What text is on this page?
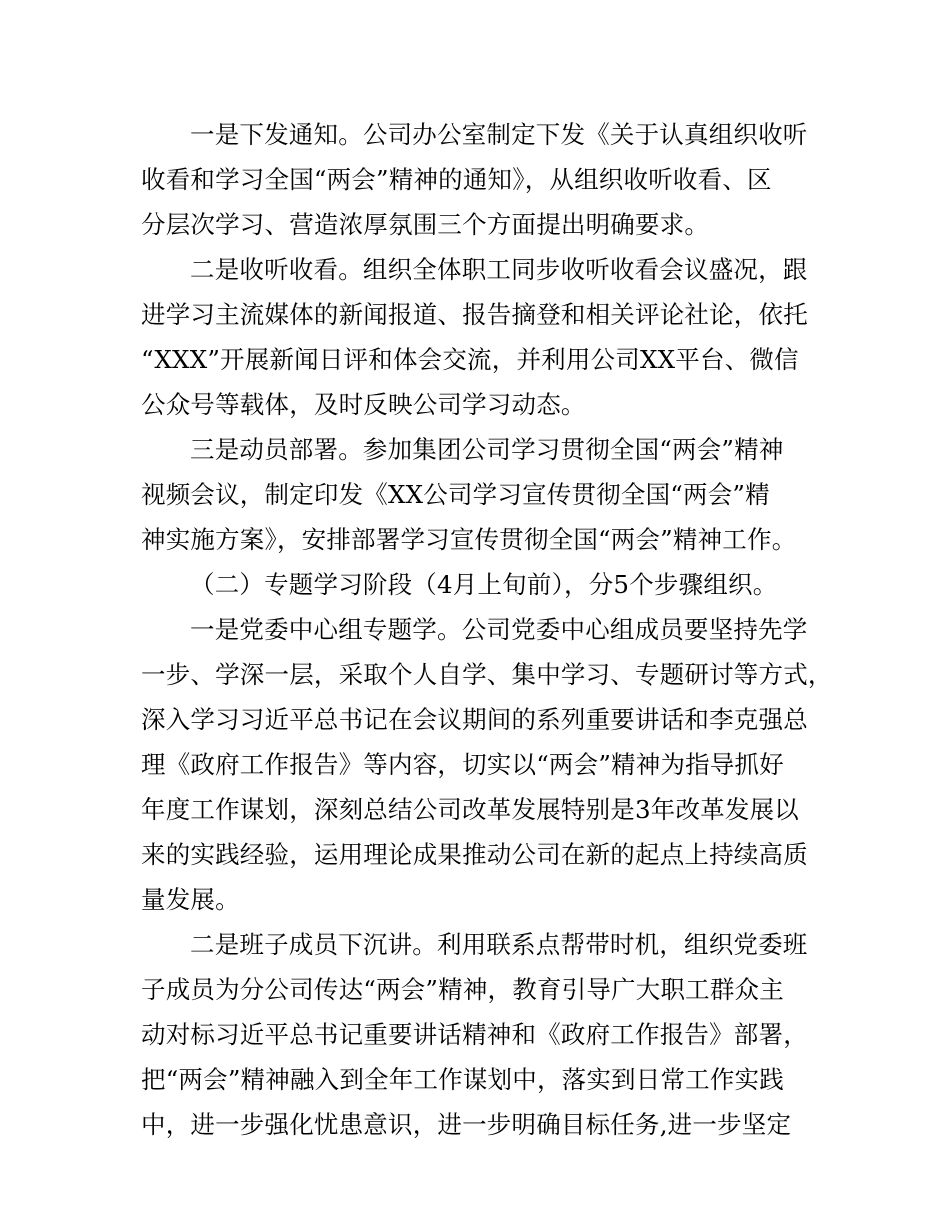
一是下发通知。公司办公室制定下发《关于认真组织收听
收看和学习全国“两会”精神的通知》，从组织收听收看、区
分层次学习、营造浓厚氛围三个方面提出明确要求。
二是收听收看。组织全体职工同步收听收看会议盛况，跟
进学习主流媒体的新闻报道、报告摘登和相关评论社论，依托
“XXX”开展新闻日评和体会交流，并利用公司XX平台、微信
公众号等载体，及时反映公司学习动态。
三是动员部署。参加集团公司学习贯彻全国“两会”精神
视频会议，制定印发《XX公司学习宣传贯彻全国“两会”精
神实施方案》，安排部署学习宣传贯彻全国“两会”精神工作。
（二）专题学习阶段（4月上旬前），分5个步骤组织。
一是党委中心组专题学。公司党委中心组成员要坚持先学
一步、学深一层，采取个人自学、集中学习、专题研讨等方式，
深入学习习近平总书记在会议期间的系列重要讲话和李克强总
理《政府工作报告》等内容，切实以“两会”精神为指导抓好
年度工作谋划，深刻总结公司改革发展特别是3年改革发展以
来的实践经验，运用理论成果推动公司在新的起点上持续高质
量发展。
二是班子成员下沉讲。利用联系点帮带时机，组织党委班
子成员为分公司传达“两会”精神，教育引导广大职工群众主
动对标习近平总书记重要讲话精神和《政府工作报告》部署，
把“两会”精神融入到全年工作谋划中，落实到日常工作实践
中，进一步强化忧患意识，进一步明确目标任务,进一步坚定
